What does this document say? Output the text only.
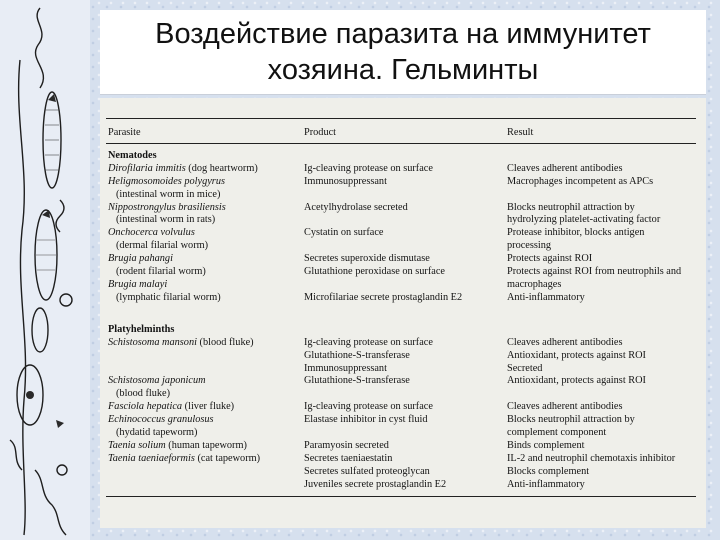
Воздействие паразита на иммунитет
хозяина. Гельминты
Parasite	Product	Result
Nematodes		
Dirofilaria immitis (dog heartworm)	Ig-cleaving protease on surface	Cleaves adherent antibodies
Heligmosomoides polygyrus	Immunosuppressant	Macrophages incompetent as APCs
(intestinal worm in mice)		
Nippostrongylus brasiliensis	Acetylhydrolase secreted	Blocks neutrophil attraction by
(intestinal worm in rats)		hydrolyzing platelet-activating factor
Onchocerca volvulus	Cystatin on surface	Protease inhibitor, blocks antigen
(dermal filarial worm)		processing
Brugia pahangi	Secretes superoxide dismutase	Protects against ROI
(rodent filarial worm)	Glutathione peroxidase on surface	Protects against ROI from neutrophils and
Brugia malayi		macrophages
(lymphatic filarial worm)	Microfilariae secrete prostaglandin E2	Anti-inflammatory

Platyhelminths		
Schistosoma mansoni (blood fluke)	Ig-cleaving protease on surface	Cleaves adherent antibodies
	Glutathione-S-transferase	Antioxidant, protects against ROI
	Immunosuppressant	Secreted
Schistosoma japonicum	Glutathione-S-transferase	Antioxidant, protects against ROI
(blood fluke)		
Fasciola hepatica (liver fluke)	Ig-cleaving protease on surface	Cleaves adherent antibodies
Echinococcus granulosus	Elastase inhibitor in cyst fluid	Blocks neutrophil attraction by
(hydatid tapeworm)		complement component
Taenia solium (human tapeworm)	Paramyosin secreted	Binds complement
Taenia taeniaeformis (cat tapeworm)	Secretes taeniaestatin	IL-2 and neutrophil chemotaxis inhibitor
	Secretes sulfated proteoglycan	Blocks complement
	Juveniles secrete prostaglandin E2	Anti-inflammatory
